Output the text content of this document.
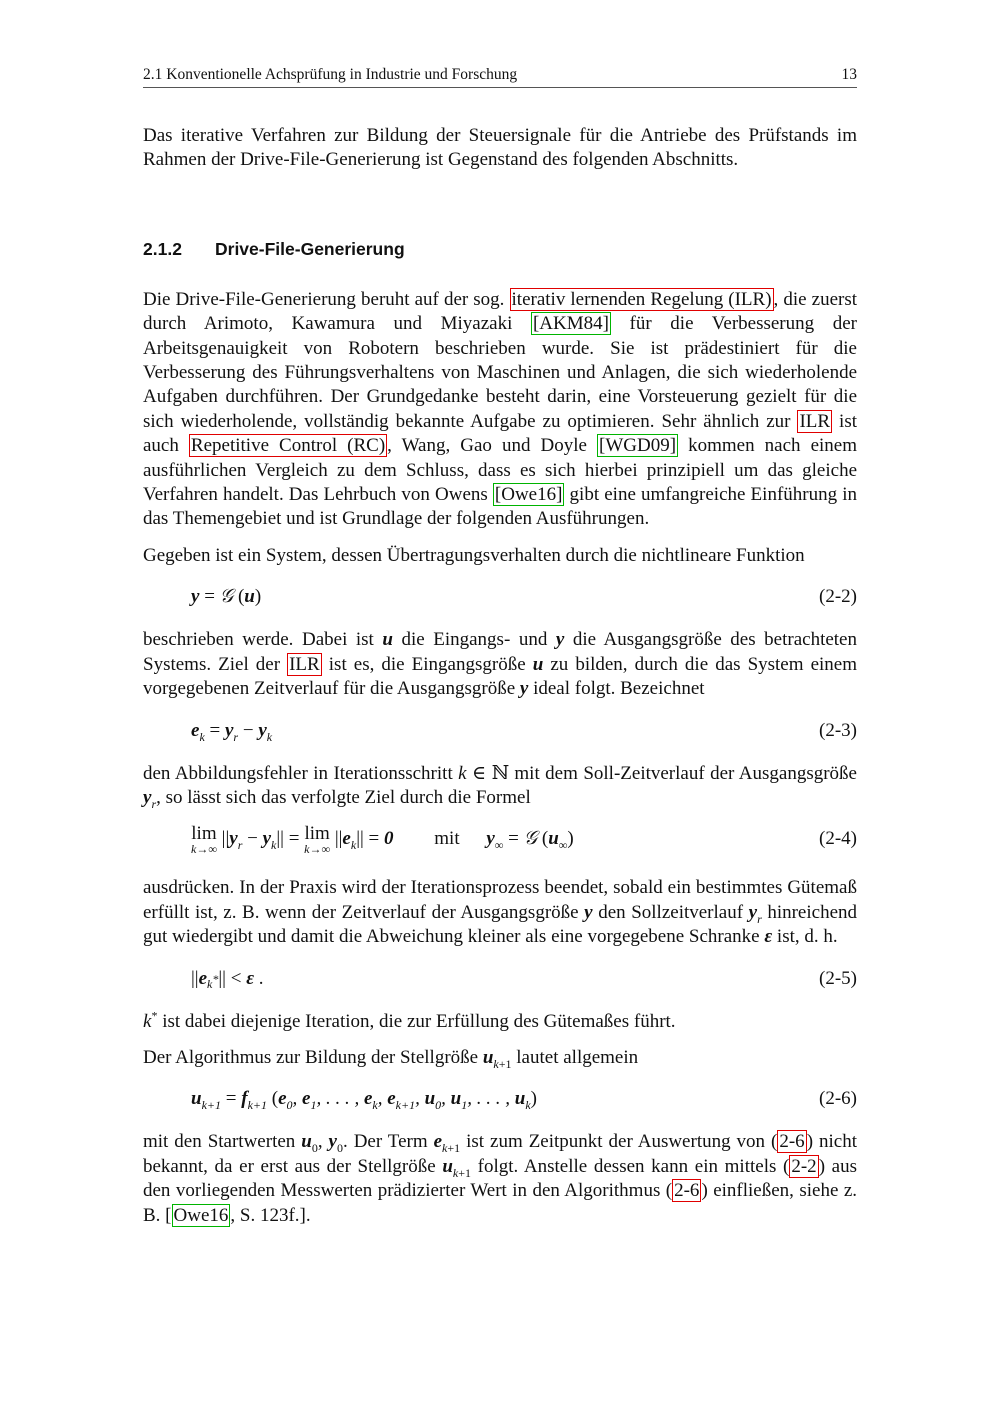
2.1 Konventionelle Achsprüfung in Industrie und Forschung	13

Das iterative Verfahren zur Bildung der Steuersignale für die Antriebe des Prüfstands im Rahmen der Drive-File-Generierung ist Gegenstand des folgenden Abschnitts.

2.1.2 Drive-File-Generierung

Die Drive-File-Generierung beruht auf der sog. iterativ lernenden Regelung (ILR) , die zuerst durch Arimoto, Kawamura und Miyazaki [AKM84] für die Verbesserung der Arbeitsgenauigkeit von Robotern beschrieben wurde. Sie ist prädestiniert für die Verbesserung des Führungsverhaltens von Maschinen und Anlagen, die sich wiederholende Aufgaben durchführen. Der Grundgedanke besteht darin, eine Vorsteuerung gezielt für die sich wiederholende, vollständig bekannte Aufgabe zu optimieren. Sehr ähnlich zur ILR ist auch Repetitive Control (RC) , Wang, Gao und Doyle [WGD09] kommen nach einem ausführlichen Vergleich zu dem Schluss, dass es sich hierbei prinzipiell um das gleiche Verfahren handelt. Das Lehrbuch von Owens [Owe16] gibt eine umfangreiche Einführung in das Themengebiet und ist Grundlage der folgenden Ausführungen.

Gegeben ist ein System, dessen Übertragungsverhalten durch die nichtlineare Funktion

y = 𝒢 (u)	(2-2)

beschrieben werde. Dabei ist u die Eingangs- und y die Ausgangsgröße des betrachteten Systems. Ziel der ILR ist es, die Eingangsgröße u zu bilden, durch die das System einem vorgegebenen Zeitverlauf für die Ausgangsgröße y ideal folgt. Bezeichnet

$e_k = y_r - y_k$	(2-3)

den Abbildungsfehler in Iterationsschritt k ∈ ℕ mit dem Soll-Zeitverlauf der Ausgangsgröße $y_r$, so lässt sich das verfolgte Ziel durch die Formel

lim
k→∞ $||y_r - y_k|| = \lim$
k→∞ $||e_k|| = 0$ mit $y_\infty$ = 𝒢 $(u_\infty)$	(2-4)

ausdrücken. In der Praxis wird der Iterationsprozess beendet, sobald ein bestimmtes Gütemaß erfüllt ist, z. B. wenn der Zeitverlauf der Ausgangsgröße y den Sollzeitverlauf $y_r$ hinreichend gut wiedergibt und damit die Abweichung kleiner als eine vorgegebene Schranke ε ist, d. h.

$||e_{k^*}|| < \varepsilon$ .	(2-5)

k* ist dabei diejenige Iteration, die zur Erfüllung des Gütemaßes führt.

Der Algorithmus zur Bildung der Stellgröße $u_{k+1}$ lautet allgemein

$u_{k+1} = f_{k+1}$ ($e_0$, $e_1$, . . . , $e_k$, $e_{k+1}$, $u_0$, $u_1$, . . . , $u_k$)	(2-6)

mit den Startwerten $u_0$, $y_0$. Der Term $e_{k+1}$ ist zum Zeitpunkt der Auswertung von ( 2-6 ) nicht bekannt, da er erst aus der Stellgröße $u_{k+1}$ folgt. Anstelle dessen kann ein mittels ( 2-2 ) aus den vorliegenden Messwerten prädizierter Wert in den Algorithmus ( 2-6 ) einfließen, siehe z. B. [ Owe16 , S. 123f.].
